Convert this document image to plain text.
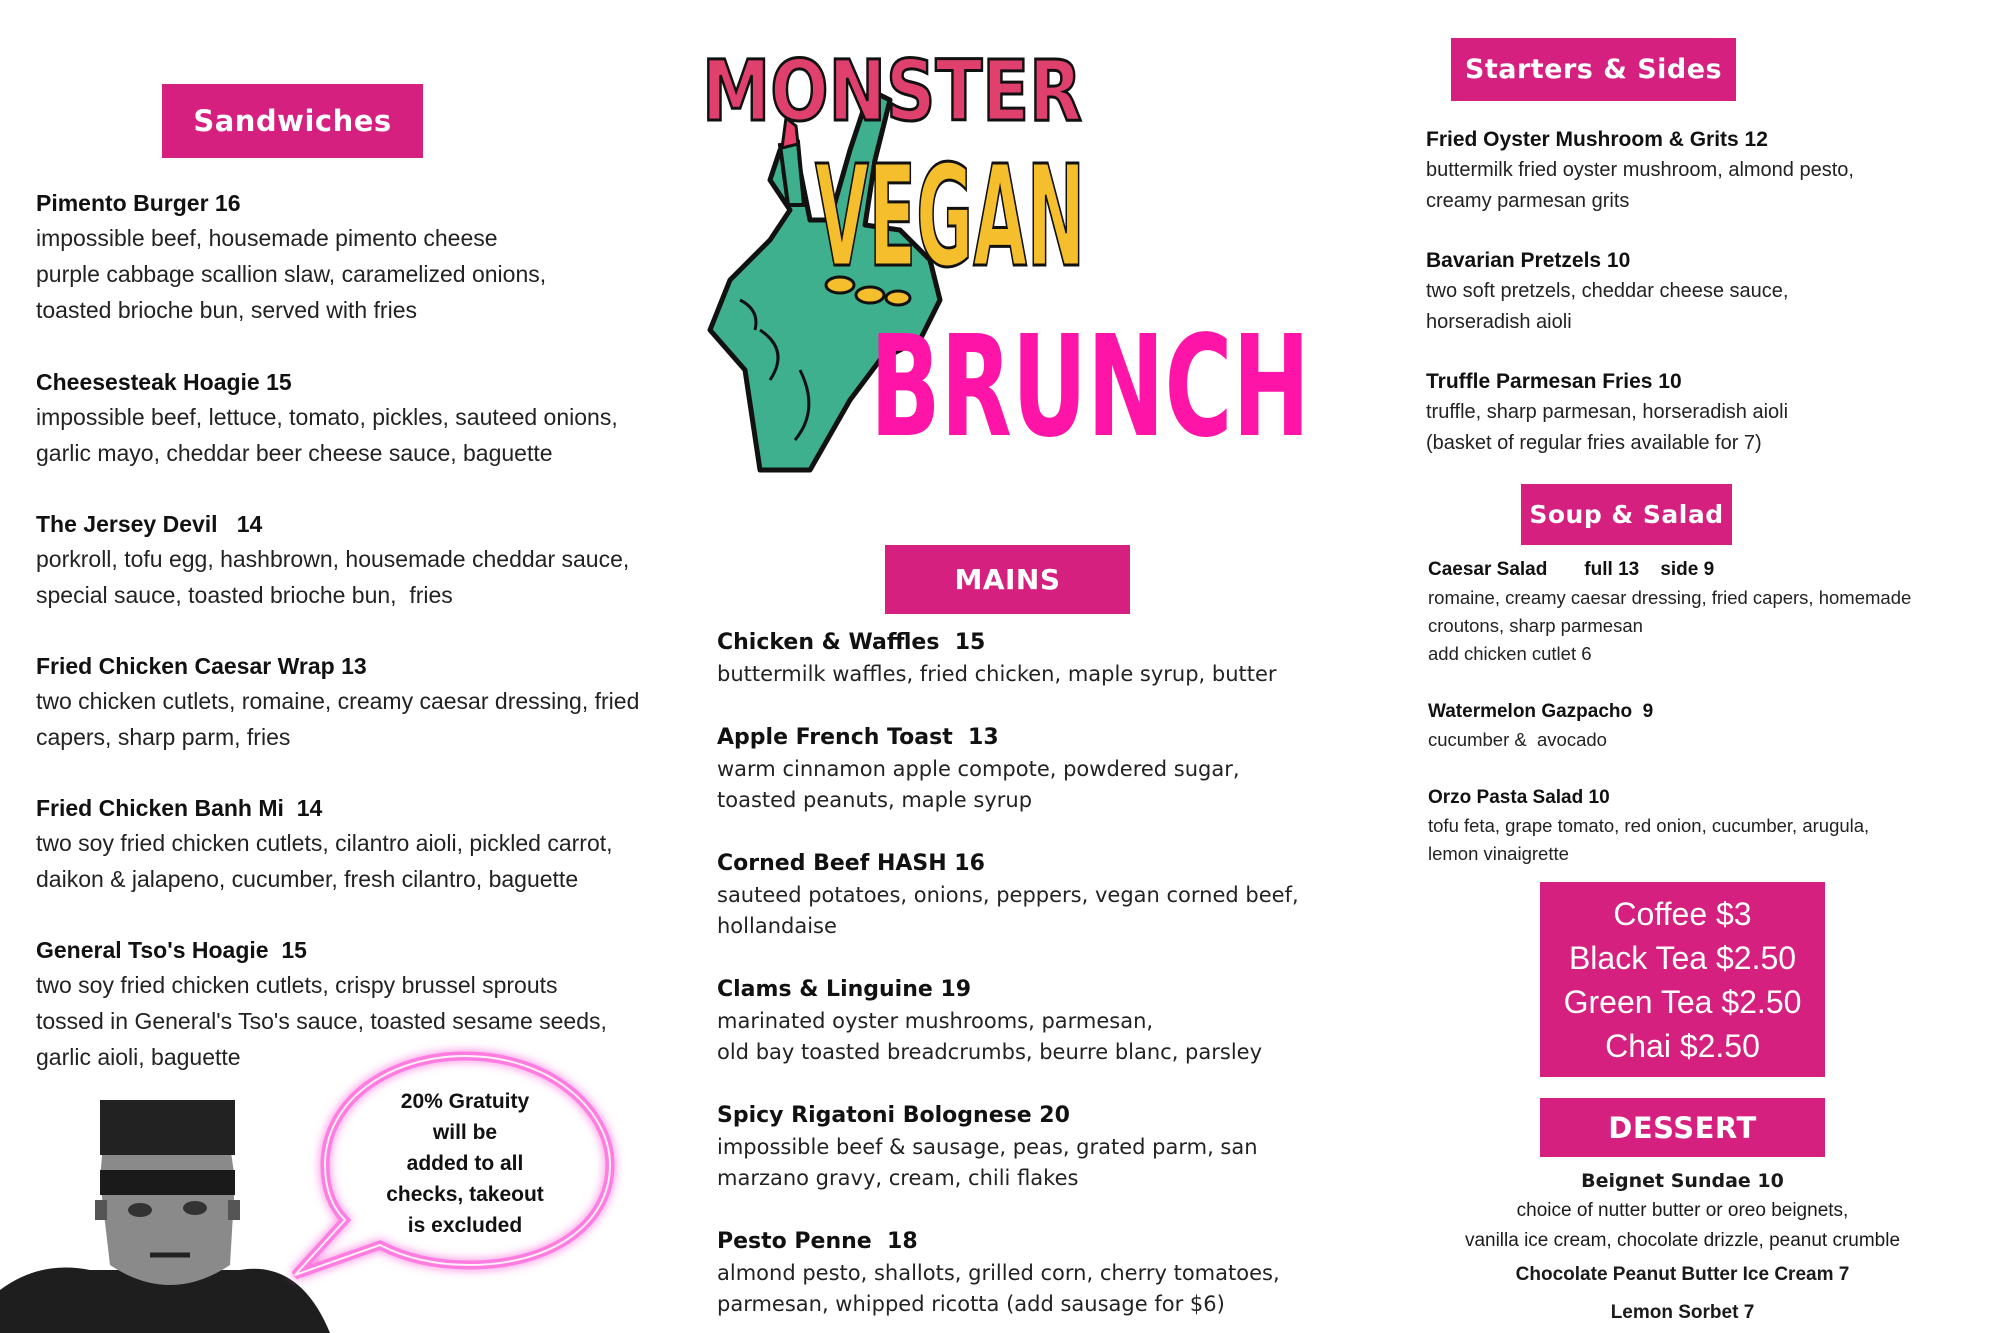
MONSTER
VEGAN
BRUNCH
Sandwiches
Pimento Burger 16
impossible beef, housemade pimento cheese
purple cabbage scallion slaw, caramelized onions,
toasted brioche bun, served with fries
Cheesesteak Hoagie 15
impossible beef, lettuce, tomato, pickles, sauteed onions,
garlic mayo, cheddar beer cheese sauce, baguette
The Jersey Devil   14
porkroll, tofu egg, hashbrown, housemade cheddar sauce,
special sauce, toasted brioche bun,  fries
Fried Chicken Caesar Wrap 13
two chicken cutlets, romaine, creamy caesar dressing, fried
capers, sharp parm, fries
Fried Chicken Banh Mi  14
two soy fried chicken cutlets, cilantro aioli, pickled carrot,
daikon & jalapeno, cucumber, fresh cilantro, baguette
General Tso's Hoagie  15
two soy fried chicken cutlets, crispy brussel sprouts
tossed in General's Tso's sauce, toasted sesame seeds,
garlic aioli, baguette
20% Gratuity
will be
added to all
checks, takeout
is excluded
MAINS
Chicken & Waffles  15
buttermilk waffles, fried chicken, maple syrup, butter
Apple French Toast  13
warm cinnamon apple compote, powdered sugar,
toasted peanuts, maple syrup
Corned Beef HASH 16
sauteed potatoes, onions, peppers, vegan corned beef,
hollandaise
Clams & Linguine 19
marinated oyster mushrooms, parmesan,
old bay toasted breadcrumbs, beurre blanc, parsley
Spicy Rigatoni Bolognese 20
impossible beef & sausage, peas, grated parm, san
marzano gravy, cream, chili flakes
Pesto Penne  18
almond pesto, shallots, grilled corn, cherry tomatoes,
parmesan, whipped ricotta (add sausage for $6)
Starters & Sides
Fried Oyster Mushroom & Grits 12
buttermilk fried oyster mushroom, almond pesto,
creamy parmesan grits
Bavarian Pretzels 10
two soft pretzels, cheddar cheese sauce,
horseradish aioli
Truffle Parmesan Fries 10
truffle, sharp parmesan, horseradish aioli
(basket of regular fries available for 7)
Soup & Salad
Caesar Salad       full 13    side 9
romaine, creamy caesar dressing, fried capers, homemade
croutons, sharp parmesan
add chicken cutlet 6
Watermelon Gazpacho  9
cucumber &  avocado
Orzo Pasta Salad 10
tofu feta, grape tomato, red onion, cucumber, arugula,
lemon vinaigrette
Coffee $3
Black Tea $2.50
Green Tea $2.50
Chai $2.50
DESSERT
Beignet Sundae 10
choice of nutter butter or oreo beignets,
vanilla ice cream, chocolate drizzle, peanut crumble
Chocolate Peanut Butter Ice Cream 7
Lemon Sorbet 7
